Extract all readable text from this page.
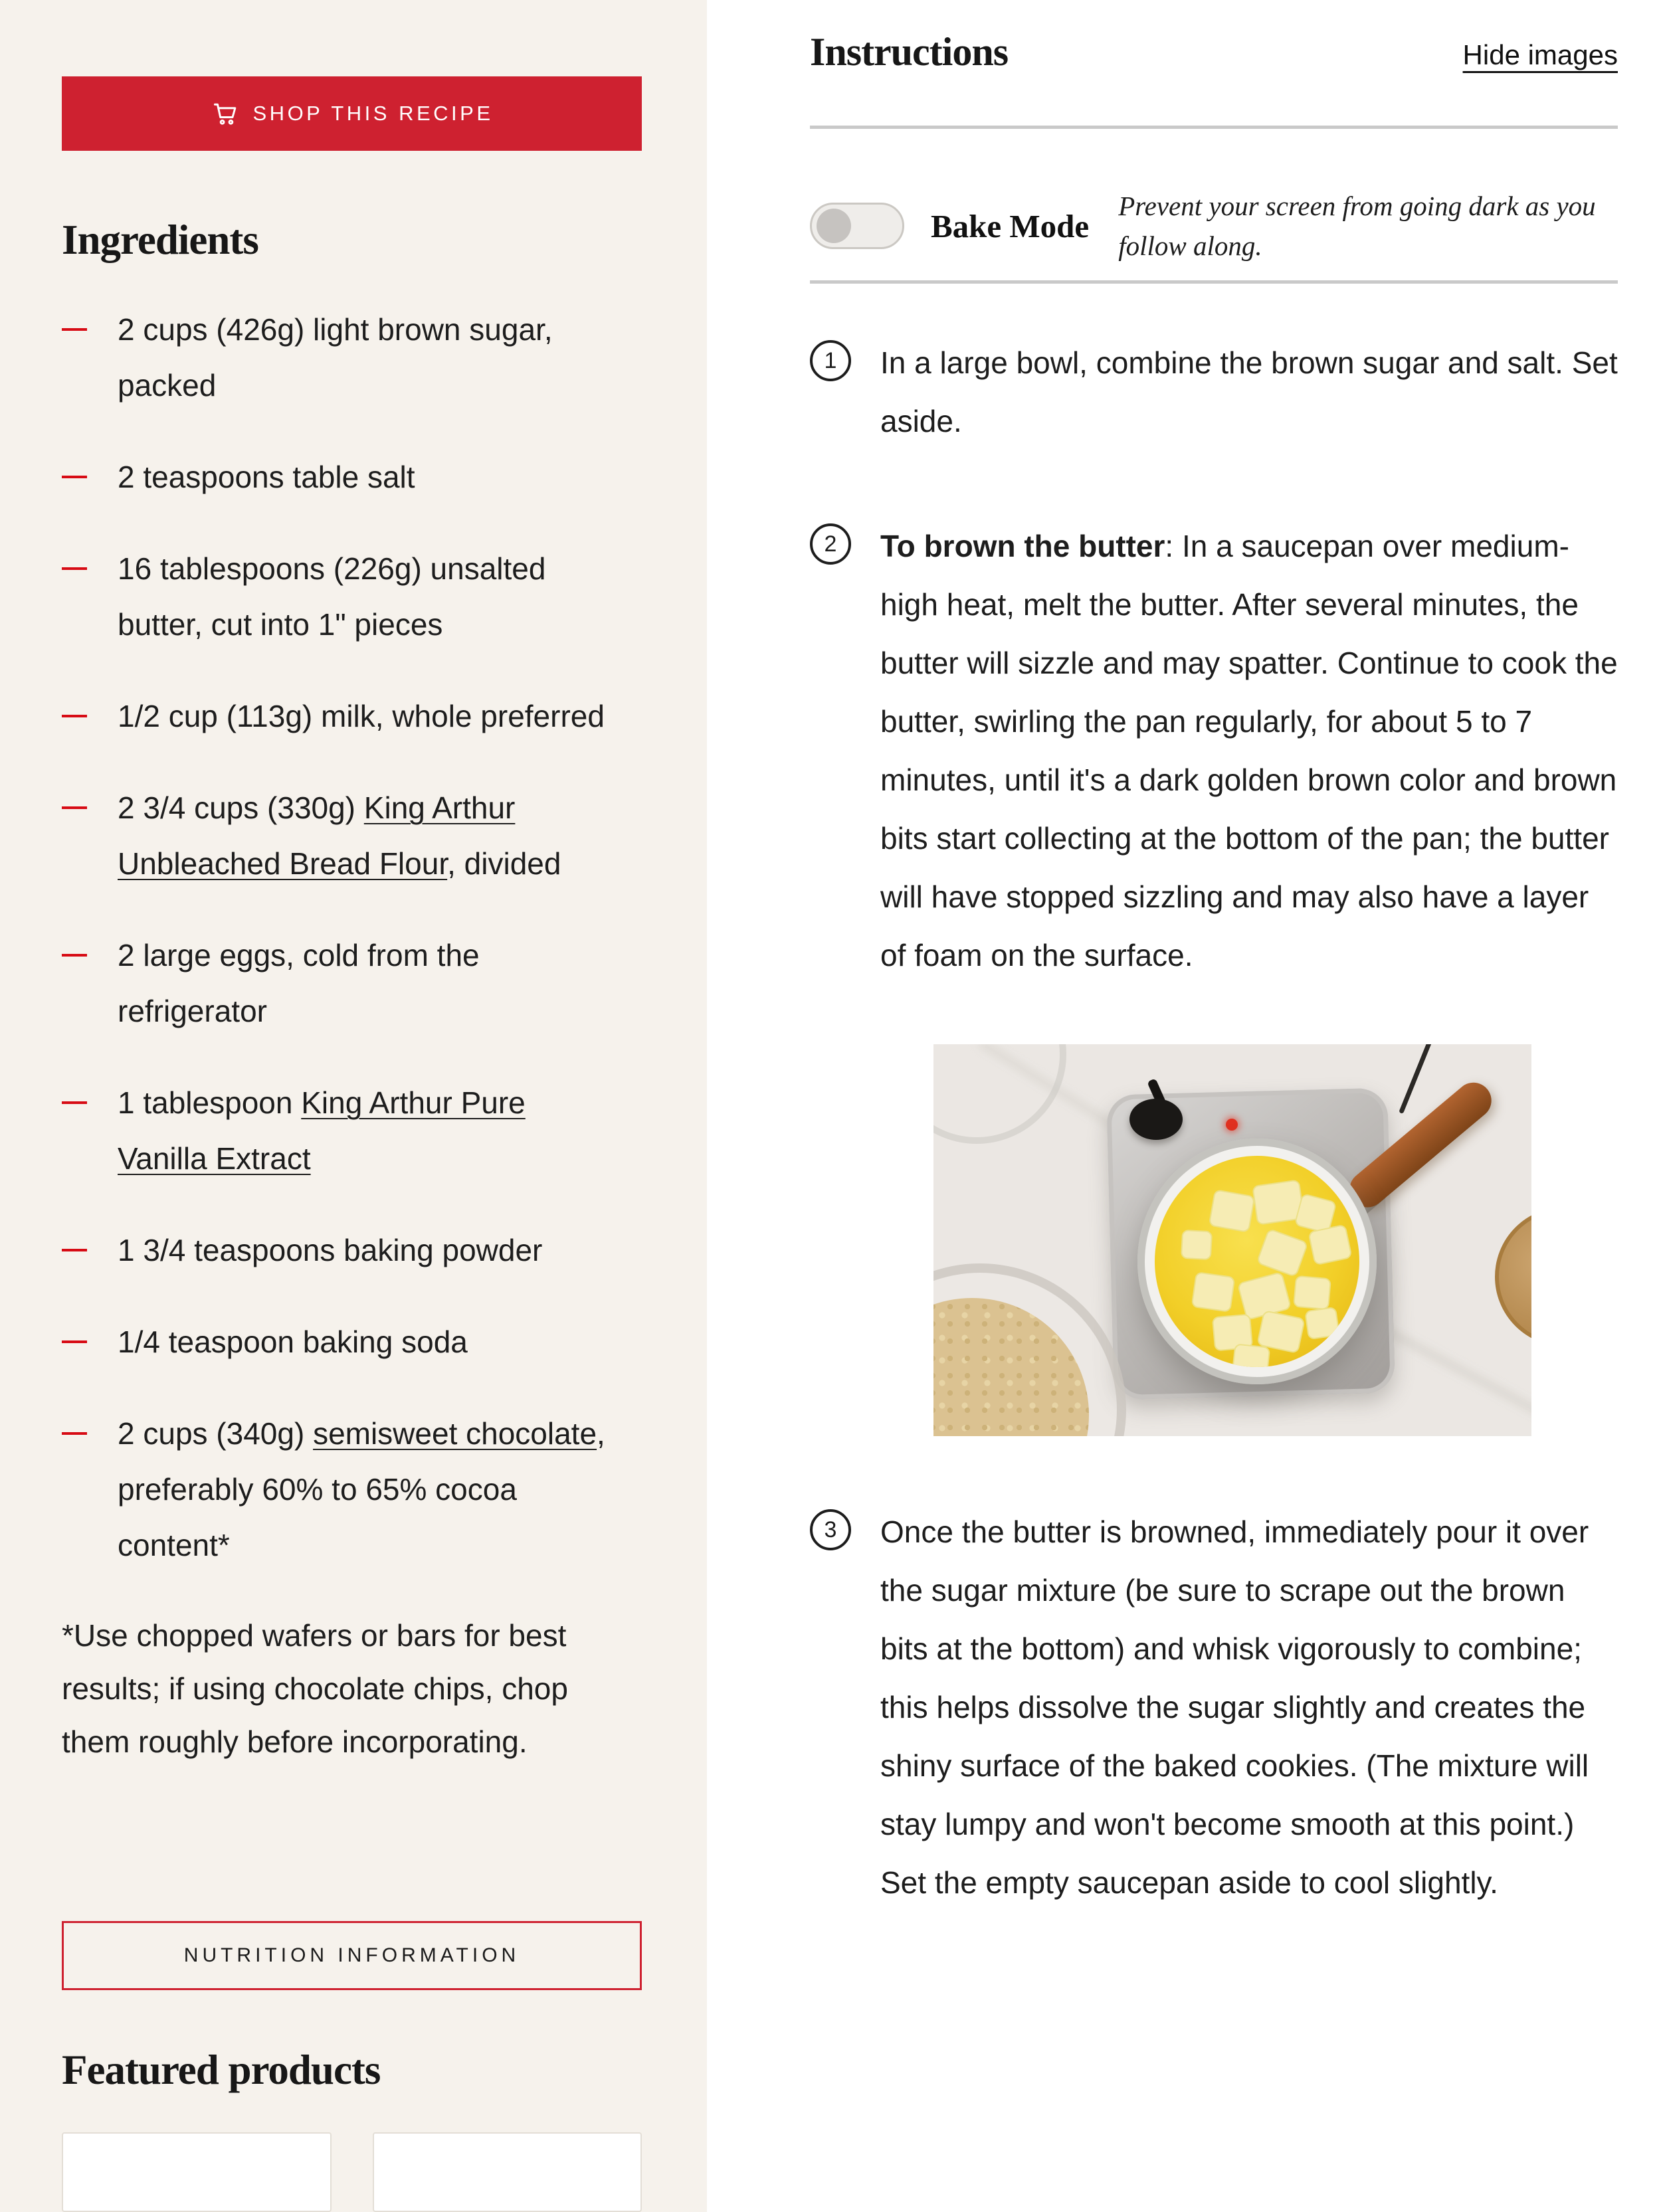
SHOP THIS RECIPE
Ingredients
2 cups (426g) light brown sugar, packed
2 teaspoons table salt
16 tablespoons (226g) unsalted butter, cut into 1" pieces
1/2 cup (113g) milk, whole preferred
2 3/4 cups (330g) King Arthur Unbleached Bread Flour, divided
2 large eggs, cold from the refrigerator
1 tablespoon King Arthur Pure Vanilla Extract
1 3/4 teaspoons baking powder
1/4 teaspoon baking soda
2 cups (340g) semisweet chocolate, preferably 60% to 65% cocoa content*

*Use chopped wafers or bars for best results; if using chocolate chips, chop them roughly before incorporating.

NUTRITION INFORMATION
Featured products
Instructions	Hide images
Bake Mode

Prevent your screen from going dark as you follow along.

1	In a large bowl, combine the brown sugar and salt. Set aside.

2	To brown the butter: In a saucepan over medium-high heat, melt the butter. After several minutes, the butter will sizzle and may spatter. Continue to cook the butter, swirling the pan regularly, for about 5 to 7 minutes, until it's a dark golden brown color and brown bits start collecting at the bottom of the pan; the butter will have stopped sizzling and may also have a layer of foam on the surface.

3	Once the butter is browned, immediately pour it over the sugar mixture (be sure to scrape out the brown bits at the bottom) and whisk vigorously to combine; this helps dissolve the sugar slightly and creates the shiny surface of the baked cookies. (The mixture will stay lumpy and won't become smooth at this point.) Set the empty saucepan aside to cool slightly.
